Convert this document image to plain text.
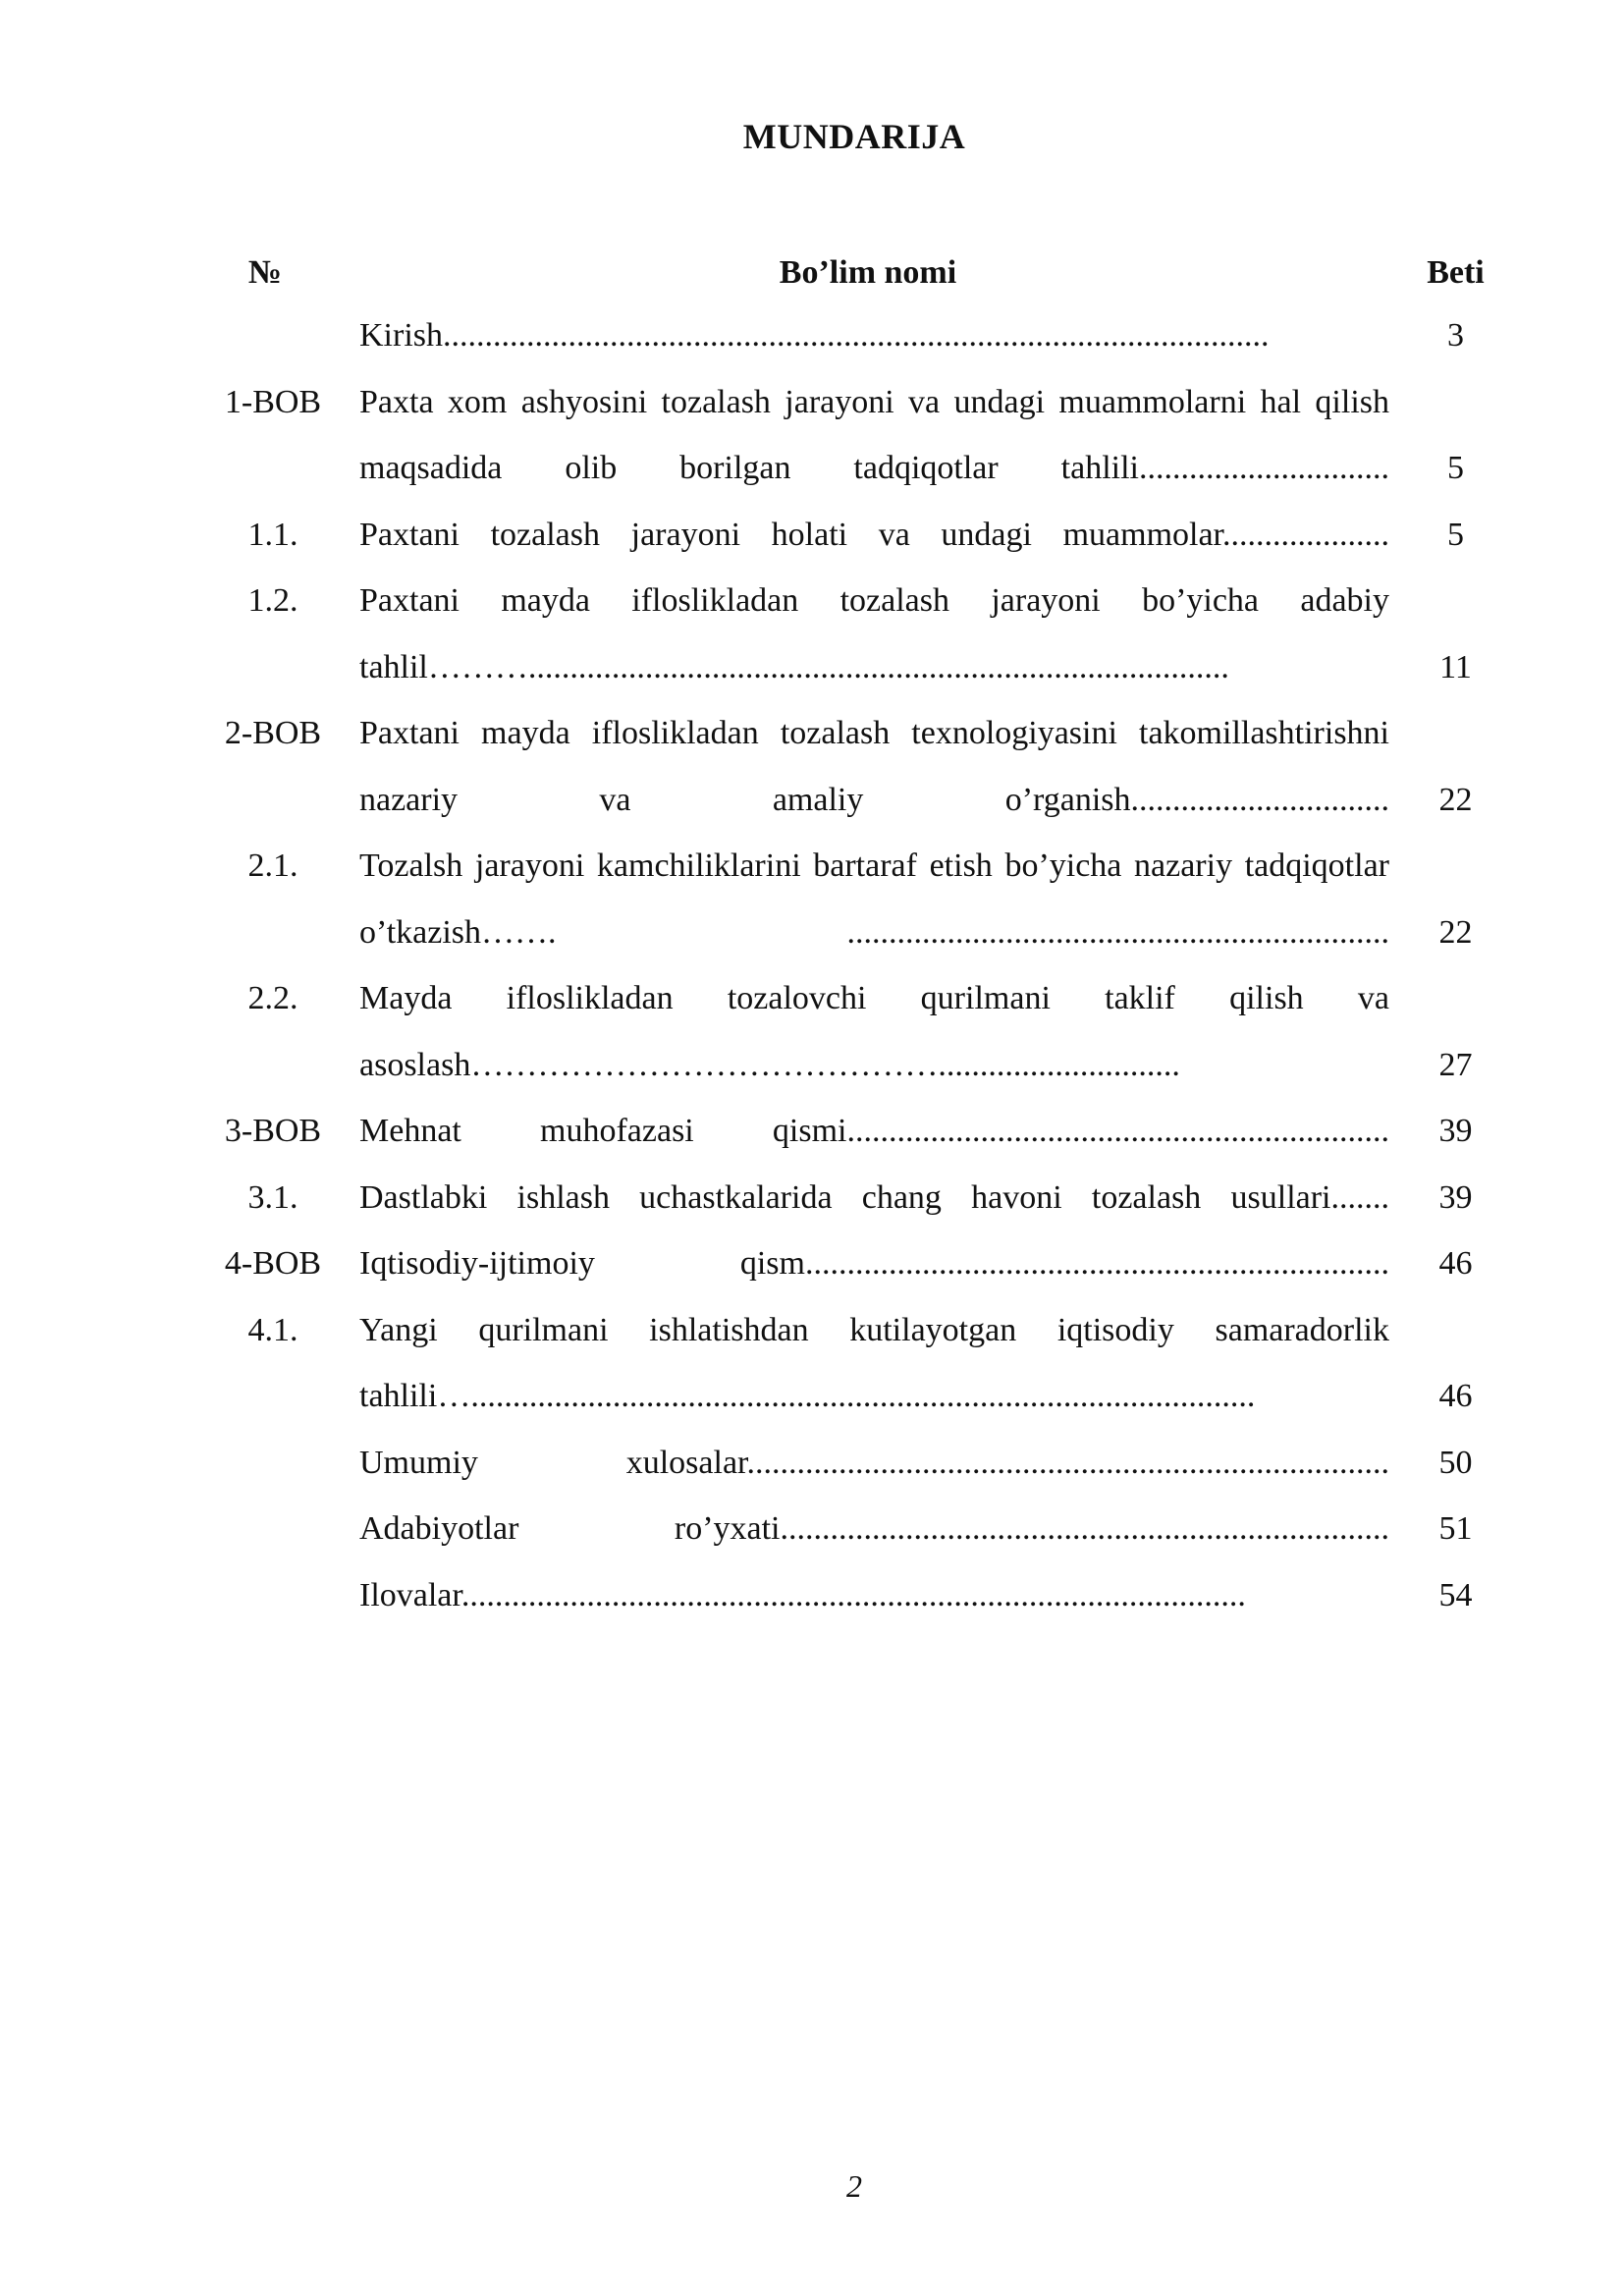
MUNDARIJA
№	Bo’lim nomi	Beti
Kirish...................................................................................................	3
1-BOB	Paxta xom ashyosini tozalash jarayoni va undagi muammolarni hal qilish maqsadida olib borilgan tadqiqotlar tahlili..............................	5
1.1.	Paxtani tozalash jarayoni holati va undagi muammolar....................	5
1.2.	Paxtani mayda ifloslikladan tozalash jarayoni bo’yicha adabiy tahlil………....................................................................................	11
2-BOB	Paxtani mayda ifloslikladan tozalash texnologiyasini takomillashtirishni nazariy va amaliy o’rganish...............................	22
2.1.	Tozalsh jarayoni kamchiliklarini bartaraf etish bo’yicha nazariy tadqiqotlar o’tkazish……. .................................................................	22
2.2.	Mayda ifloslikladan tozalovchi qurilmani taklif qilish va asoslash…………………………………….............................	27
3-BOB	Mehnat muhofazasi qismi.................................................................	39
3.1.	Dastlabki ishlash uchastkalarida chang havoni tozalash usullari.......	39
4-BOB	Iqtisodiy-ijtimoiy qism......................................................................	46
4.1.	Yangi qurilmani ishlatishdan kutilayotgan iqtisodiy samaradorlik tahlili…..............................................................................................	46
Umumiy xulosalar.............................................................................	50
Adabiyotlar ro’yxati.........................................................................	51
Ilovalar..............................................................................................	54
2
